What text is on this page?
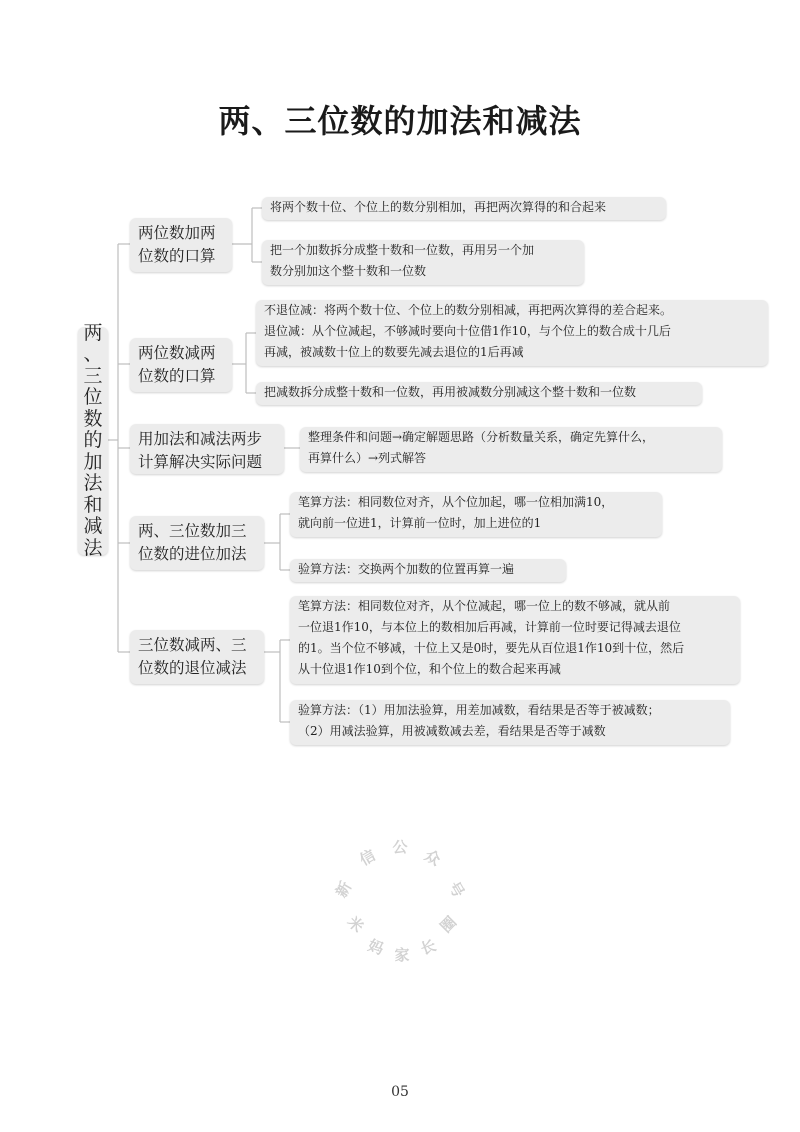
两、三位数的加法和减法
两
、
三
位
数
的
加
法
和
减
法
两位数加两
位数的口算
将两个数十位、个位上的数分别相加，再把两次算得的和合起来
把一个加数拆分成整十数和一位数，再用另一个加
数分别加这个整十数和一位数
两位数减两
位数的口算
不退位减：将两个数十位、个位上的数分别相减，再把两次算得的差合起来。
退位减：从个位减起，不够减时要向十位借1作10，与个位上的数合成十几后
再减，被减数十位上的数要先减去退位的1后再减
把减数拆分成整十数和一位数，再用被减数分别减这个整十数和一位数
用加法和减法两步
计算解决实际问题
整理条件和问题→确定解题思路（分析数量关系，确定先算什么，
再算什么）→列式解答
两、三位数加三
位数的进位加法
笔算方法：相同数位对齐，从个位加起，哪一位相加满10，
就向前一位进1，计算前一位时，加上进位的1
验算方法：交换两个加数的位置再算一遍
三位数减两、三
位数的退位减法
笔算方法：相同数位对齐，从个位减起，哪一位上的数不够减，就从前
一位退1作10，与本位上的数相加后再减，计算前一位时要记得减去退位
的1。当个位不够减，十位上又是0时，要先从百位退1作10到十位，然后
从十位退1作10到个位，和个位上的数合起来再减
验算方法：（1）用加法验算，用差加减数，看结果是否等于被减数；
（2）用减法验算，用被减数减去差，看结果是否等于减数
新
信 公 众
号
米
妈 家 长
圈
05
